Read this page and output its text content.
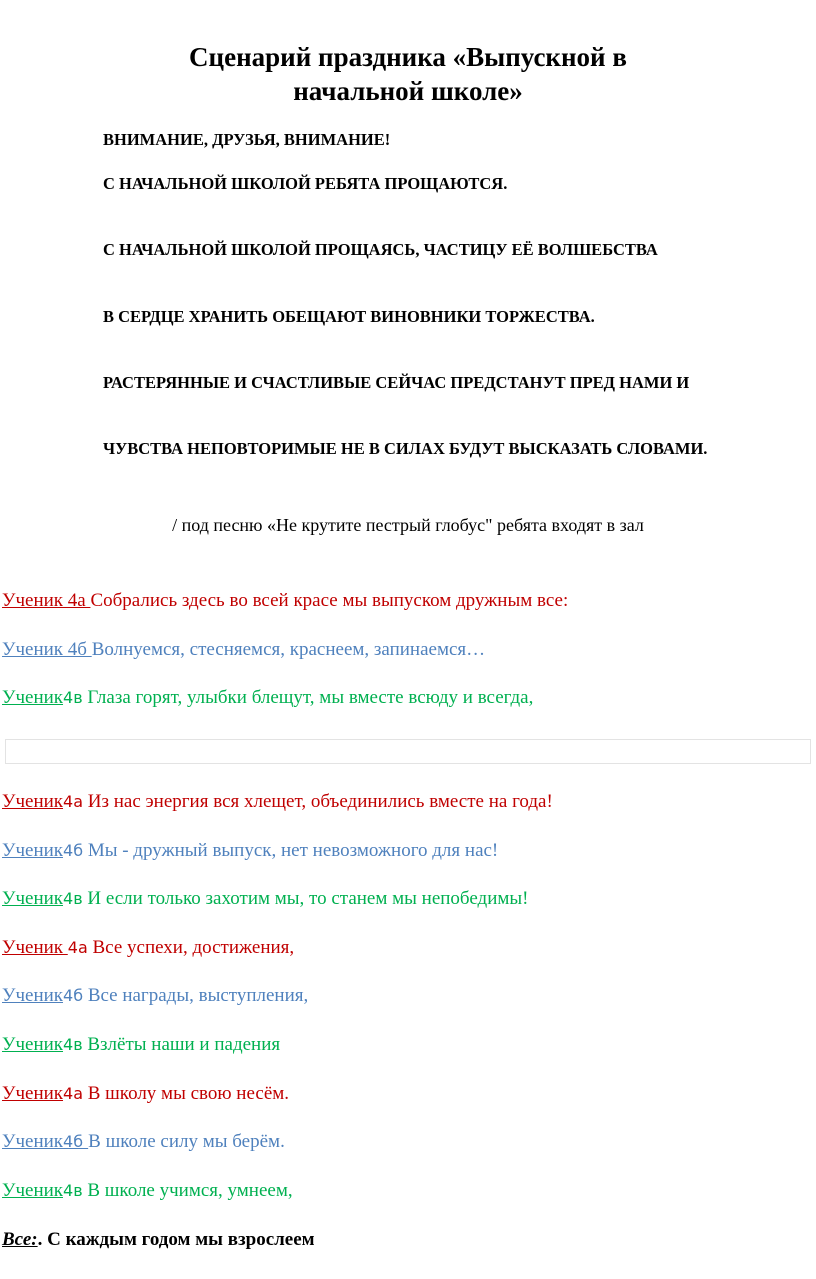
Сценарий праздника «Выпускной в
начальной школе»
ВНИМАНИЕ, ДРУЗЬЯ, ВНИМАНИЕ!
С НАЧАЛЬНОЙ ШКОЛОЙ РЕБЯТА ПРОЩАЮТСЯ.
С НАЧАЛЬНОЙ ШКОЛОЙ ПРОЩАЯСЬ, ЧАСТИЦУ ЕЁ ВОЛШЕБСТВА
В СЕРДЦЕ ХРАНИТЬ ОБЕЩАЮТ ВИНОВНИКИ ТОРЖЕСТВА.
РАСТЕРЯННЫЕ И СЧАСТЛИВЫЕ СЕЙЧАС ПРЕДСТАНУТ ПРЕД НАМИ И
ЧУВСТВА НЕПОВТОРИМЫЕ НЕ В СИЛАХ БУДУТ ВЫСКАЗАТЬ СЛОВАМИ.
/ под песню «Не крутите пестрый глобус" ребята входят в зал
Ученик 4а Собрались здесь во всей красе мы выпуском дружным все:
Ученик 4б Волнуемся, стесняемся, краснеем, запинаемся…
Ученик4в Глаза горят, улыбки блещут, мы вместе всюду и всегда,
Ученик4а Из нас энергия вся хлещет, объединились вместе на года!
Ученик4б Мы - дружный выпуск, нет невозможного для нас!
Ученик4в И если только захотим мы, то станем мы непобедимы!
Ученик 4а Все успехи, достижения,
Ученик4б Все награды, выступления,
Ученик4в Взлёты наши и падения
Ученик4а В школу мы свою несём.
Ученик4б В школе силу мы берём.
Ученик4в В школе учимся, умнеем,
Все:. С каждым годом мы взрослеем
